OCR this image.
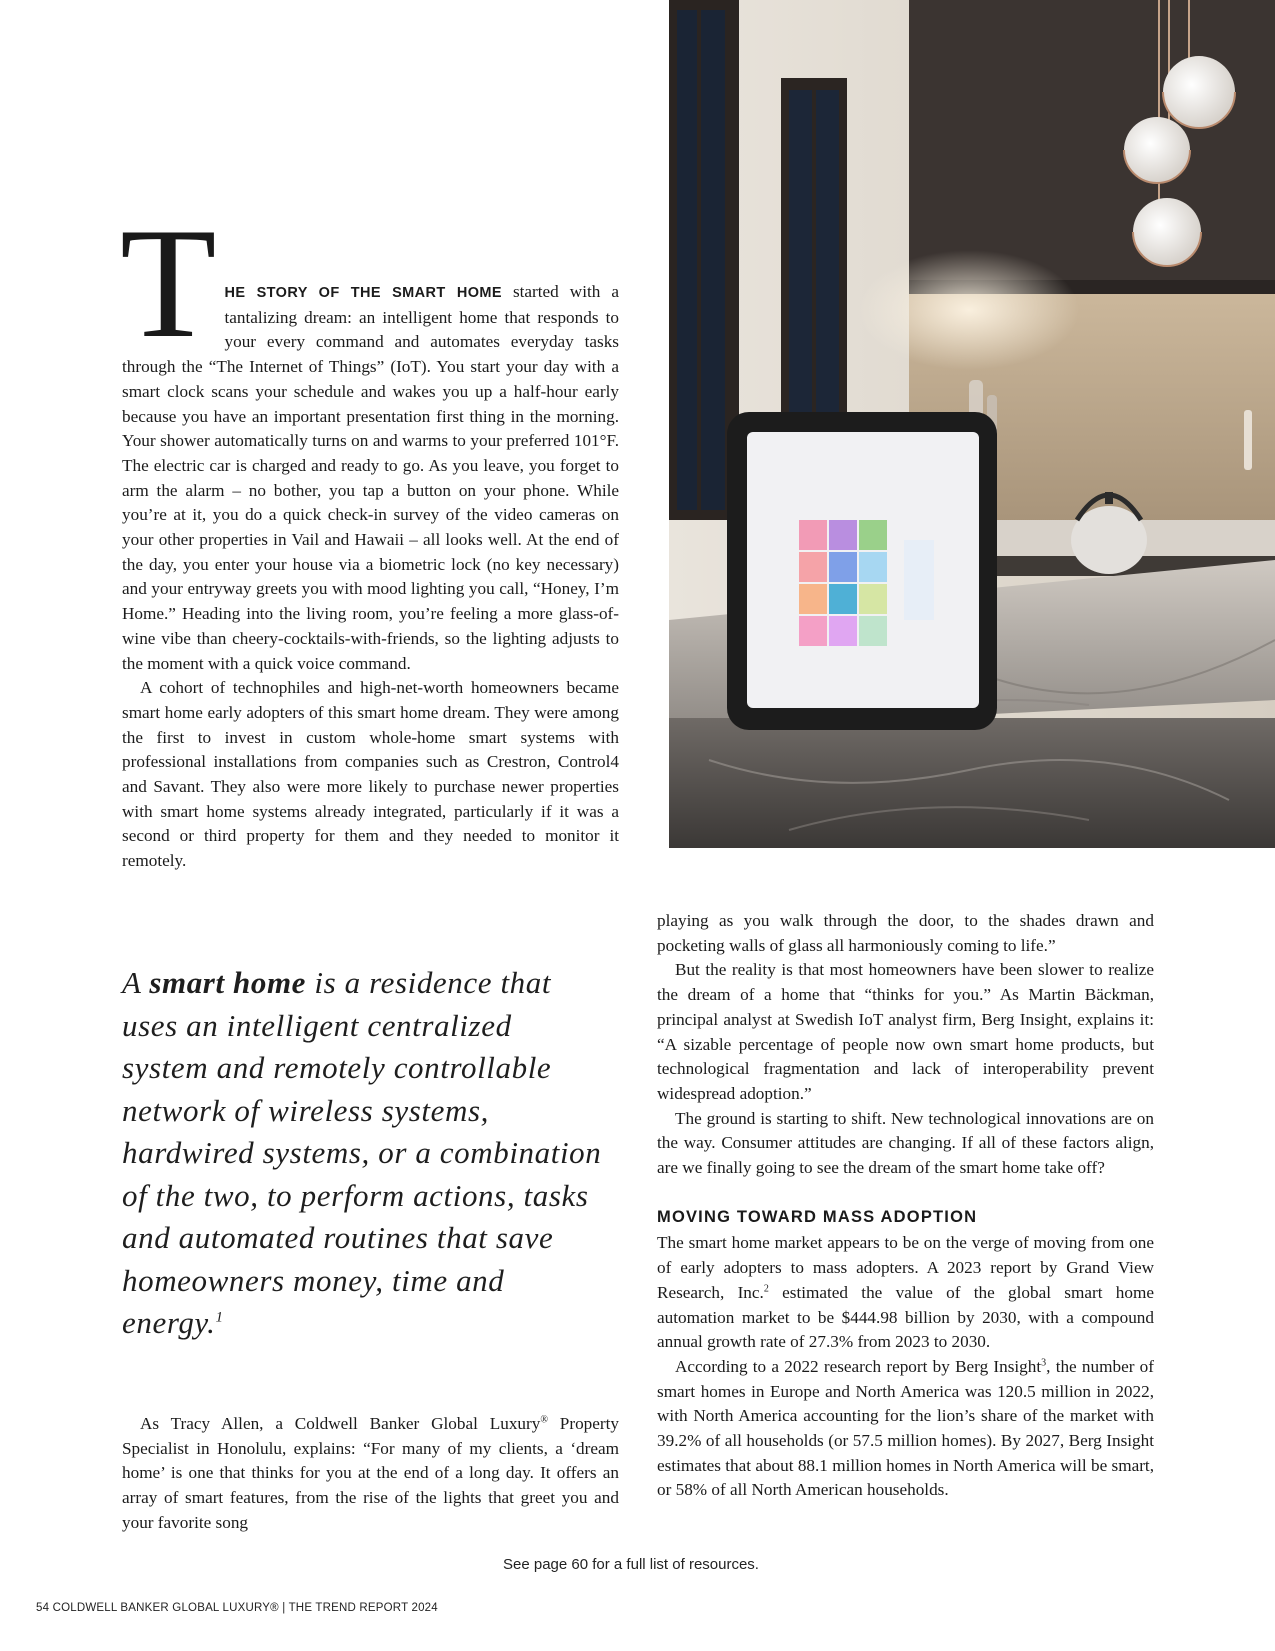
THE STORY OF THE SMART HOME started with a tantalizing dream: an intelligent home that responds to your every command and automates everyday tasks through the “The Internet of Things” (IoT). You start your day with a smart clock scans your schedule and wakes you up a half-hour early because you have an important presentation first thing in the morning. Your shower automatically turns on and warms to your preferred 101°F. The electric car is charged and ready to go. As you leave, you forget to arm the alarm – no bother, you tap a button on your phone. While you’re at it, you do a quick check-in survey of the video cameras on your other properties in Vail and Hawaii – all looks well. At the end of the day, you enter your house via a biometric lock (no key necessary) and your entryway greets you with mood lighting you call, “Honey, I’m Home.” Heading into the living room, you’re feeling a more glass-of-wine vibe than cheery-cocktails-with-friends, so the lighting adjusts to the moment with a quick voice command.

A cohort of technophiles and high-net-worth homeowners became smart home early adopters of this smart home dream. They were among the first to invest in custom whole-home smart systems with professional installations from companies such as Crestron, Control4 and Savant. They also were more likely to purchase newer properties with smart home systems already integrated, particularly if it was a second or third property for them and they needed to monitor it remotely.

A smart home is a residence that uses an intelligent centralized system and remotely controllable network of wireless systems, hardwired systems, or a combination of the two, to perform actions, tasks and automated routines that save homeowners money, time and energy.$^1$

As Tracy Allen, a Coldwell Banker Global Luxury® Property Specialist in Honolulu, explains: “For many of my clients, a ‘dream home’ is one that thinks for you at the end of a long day. It offers an array of smart features, from the rise of the lights that greet you and your favorite song

playing as you walk through the door, to the shades drawn and pocketing walls of glass all harmoniously coming to life.”

But the reality is that most homeowners have been slower to realize the dream of a home that “thinks for you.” As Martin Bäckman, principal analyst at Swedish IoT analyst firm, Berg Insight, explains it: “A sizable percentage of people now own smart home products, but technological fragmentation and lack of interoperability prevent widespread adoption.”

The ground is starting to shift. New technological innovations are on the way. Consumer attitudes are changing. If all of these factors align, are we finally going to see the dream of the smart home take off?

MOVING TOWARD MASS ADOPTION

The smart home market appears to be on the verge of moving from one of early adopters to mass adopters. A 2023 report by Grand View Research, Inc.$^2$ estimated the value of the global smart home automation market to be $444.98 billion by 2030, with a compound annual growth rate of 27.3% from 2023 to 2030.

According to a 2022 research report by Berg Insight$^3$, the number of smart homes in Europe and North America was 120.5 million in 2022, with North America accounting for the lion’s share of the market with 39.2% of all households (or 57.5 million homes). By 2027, Berg Insight estimates that about 88.1 million homes in North America will be smart, or 58% of all North American households.

See page 60 for a full list of resources.
54 COLDWELL BANKER GLOBAL LUXURY® | THE TREND REPORT 2024
